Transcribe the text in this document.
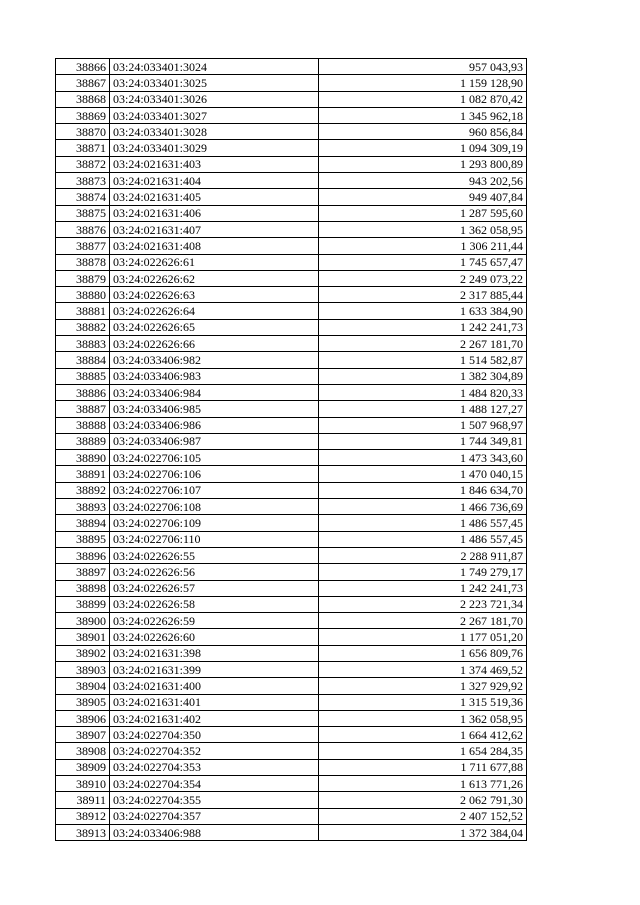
38866	03:24:033401:3024	957 043,93
38867	03:24:033401:3025	1 159 128,90
38868	03:24:033401:3026	1 082 870,42
38869	03:24:033401:3027	1 345 962,18
38870	03:24:033401:3028	960 856,84
38871	03:24:033401:3029	1 094 309,19
38872	03:24:021631:403	1 293 800,89
38873	03:24:021631:404	943 202,56
38874	03:24:021631:405	949 407,84
38875	03:24:021631:406	1 287 595,60
38876	03:24:021631:407	1 362 058,95
38877	03:24:021631:408	1 306 211,44
38878	03:24:022626:61	1 745 657,47
38879	03:24:022626:62	2 249 073,22
38880	03:24:022626:63	2 317 885,44
38881	03:24:022626:64	1 633 384,90
38882	03:24:022626:65	1 242 241,73
38883	03:24:022626:66	2 267 181,70
38884	03:24:033406:982	1 514 582,87
38885	03:24:033406:983	1 382 304,89
38886	03:24:033406:984	1 484 820,33
38887	03:24:033406:985	1 488 127,27
38888	03:24:033406:986	1 507 968,97
38889	03:24:033406:987	1 744 349,81
38890	03:24:022706:105	1 473 343,60
38891	03:24:022706:106	1 470 040,15
38892	03:24:022706:107	1 846 634,70
38893	03:24:022706:108	1 466 736,69
38894	03:24:022706:109	1 486 557,45
38895	03:24:022706:110	1 486 557,45
38896	03:24:022626:55	2 288 911,87
38897	03:24:022626:56	1 749 279,17
38898	03:24:022626:57	1 242 241,73
38899	03:24:022626:58	2 223 721,34
38900	03:24:022626:59	2 267 181,70
38901	03:24:022626:60	1 177 051,20
38902	03:24:021631:398	1 656 809,76
38903	03:24:021631:399	1 374 469,52
38904	03:24:021631:400	1 327 929,92
38905	03:24:021631:401	1 315 519,36
38906	03:24:021631:402	1 362 058,95
38907	03:24:022704:350	1 664 412,62
38908	03:24:022704:352	1 654 284,35
38909	03:24:022704:353	1 711 677,88
38910	03:24:022704:354	1 613 771,26
38911	03:24:022704:355	2 062 791,30
38912	03:24:022704:357	2 407 152,52
38913	03:24:033406:988	1 372 384,04
